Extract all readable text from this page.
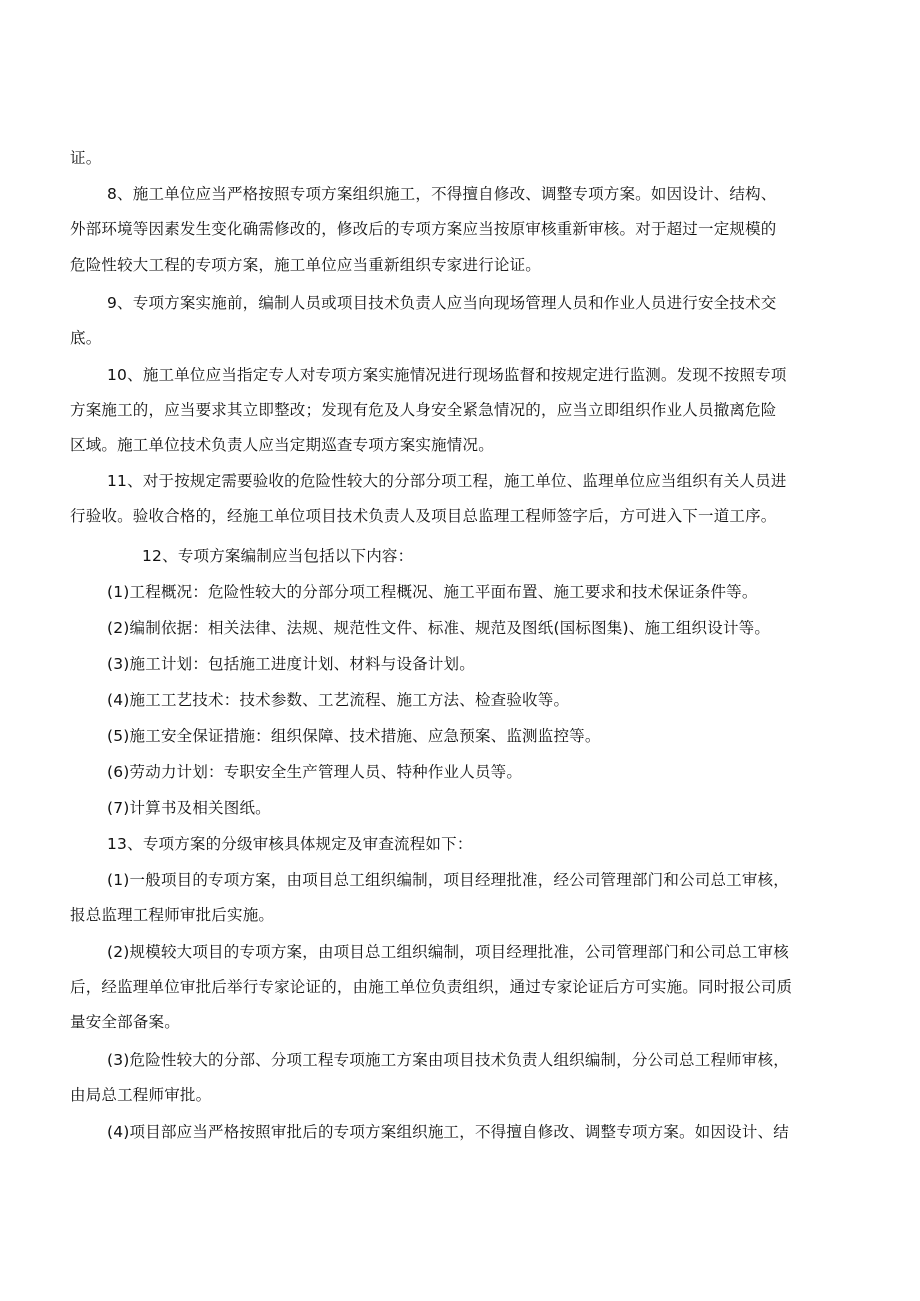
证。
8、施工单位应当严格按照专项方案组织施工，不得擅自修改、调整专项方案。如因设计、结构、
外部环境等因素发生变化确需修改的，修改后的专项方案应当按原审核重新审核。对于超过一定规模的
危险性较大工程的专项方案，施工单位应当重新组织专家进行论证。
9、专项方案实施前，编制人员或项目技术负责人应当向现场管理人员和作业人员进行安全技术交
底。
10、施工单位应当指定专人对专项方案实施情况进行现场监督和按规定进行监测。发现不按照专项
方案施工的，应当要求其立即整改；发现有危及人身安全紧急情况的，应当立即组织作业人员撤离危险
区域。施工单位技术负责人应当定期巡查专项方案实施情况。
11、对于按规定需要验收的危险性较大的分部分项工程，施工单位、监理单位应当组织有关人员进
行验收。验收合格的，经施工单位项目技术负责人及项目总监理工程师签字后，方可进入下一道工序。
12、专项方案编制应当包括以下内容：
(1)工程概况：危险性较大的分部分项工程概况、施工平面布置、施工要求和技术保证条件等。
(2)编制依据：相关法律、法规、规范性文件、标准、规范及图纸(国标图集)、施工组织设计等。
(3)施工计划：包括施工进度计划、材料与设备计划。
(4)施工工艺技术：技术参数、工艺流程、施工方法、检查验收等。
(5)施工安全保证措施：组织保障、技术措施、应急预案、监测监控等。
(6)劳动力计划：专职安全生产管理人员、特种作业人员等。
(7)计算书及相关图纸。
13、专项方案的分级审核具体规定及审查流程如下：
(1)一般项目的专项方案，由项目总工组织编制，项目经理批准，经公司管理部门和公司总工审核，
报总监理工程师审批后实施。
(2)规模较大项目的专项方案，由项目总工组织编制，项目经理批准，公司管理部门和公司总工审核
后，经监理单位审批后举行专家论证的，由施工单位负责组织，通过专家论证后方可实施。同时报公司质
量安全部备案。
(3)危险性较大的分部、分项工程专项施工方案由项目技术负责人组织编制，分公司总工程师审核，
由局总工程师审批。
(4)项目部应当严格按照审批后的专项方案组织施工，不得擅自修改、调整专项方案。如因设计、结
